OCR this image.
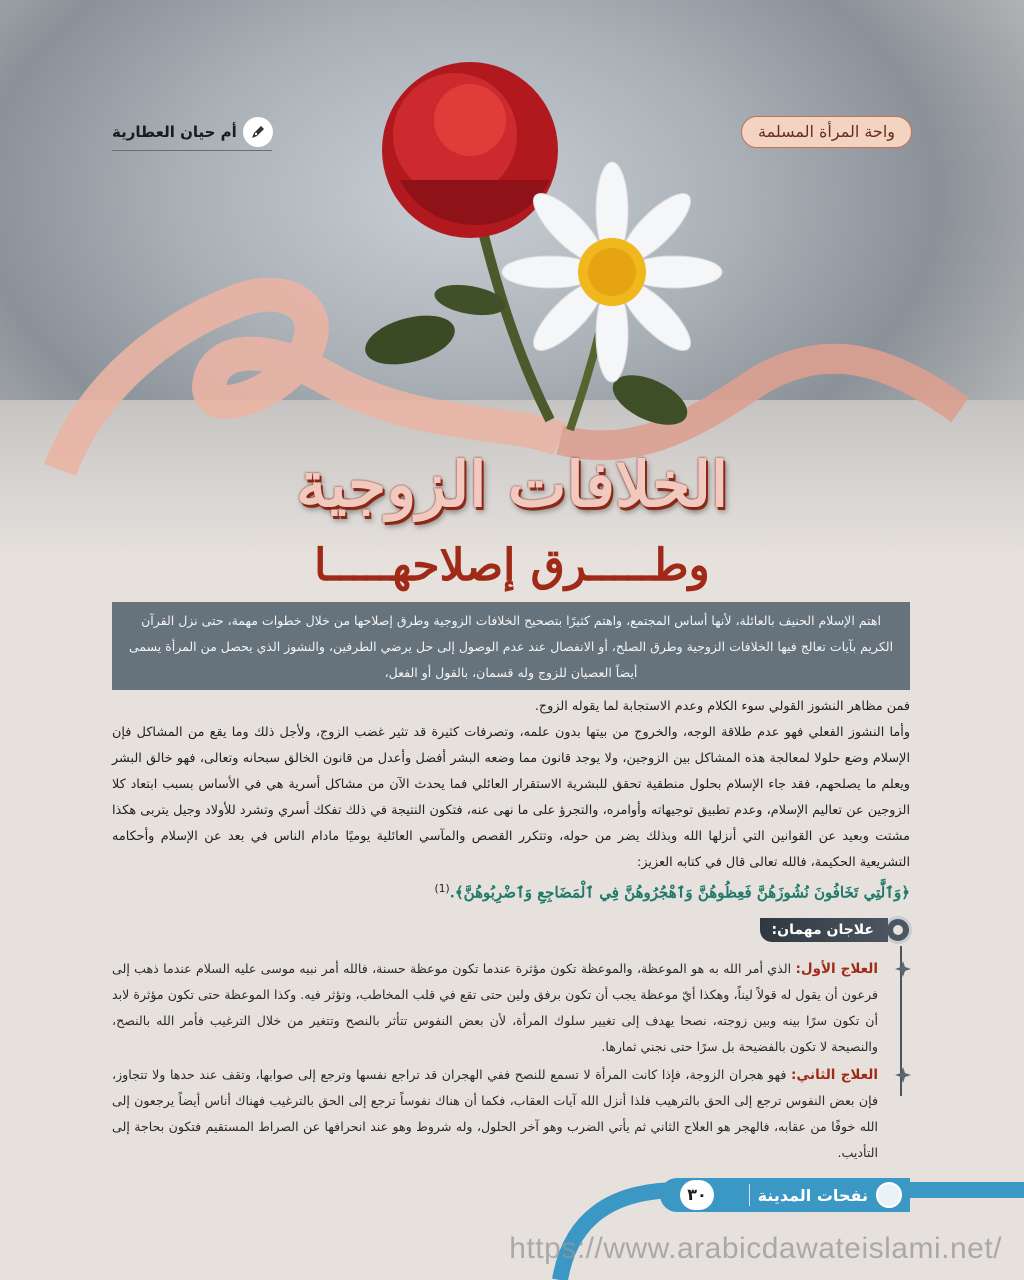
واحة المرأة المسلمة
أم حيان العطارية
الخلافات الزوجية
وطـــــرق إصلاحهـــــا
اهتم الإسلام الحنيف بالعائلة، لأنها أساس المجتمع، واهتم كثيرًا بتصحيح الخلافات الزوجية وطرق إصلاحها من خلال خطوات مهمة، حتى نزل القرآن الكريم بآيات تعالج فيها الخلافات الزوجية وطرق الصلح، أو الانفصال عند عدم الوصول إلى حل يرضي الطرفين، والنشوز الذي يحصل من المرأة يسمى أيضاً العصيان للزوج وله قسمان، بالقول أو الفعل،

فمن مظاهر النشوز القولي سوء الكلام وعدم الاستجابة لما يقوله الزوج.

وأما النشوز الفعلي فهو عدم طلاقة الوجه، والخروج من بيتها بدون علمه، وتصرفات كثيرة قد تثير غضب الزوج، ولأجل ذلك وما يقع من المشاكل فإن الإسلام وضع حلولا لمعالجة هذه المشاكل بين الزوجين، ولا يوجد قانون مما وضعه البشر أفضل وأعدل من قانون الخالق سبحانه وتعالى، فهو خالق البشر ويعلم ما يصلحهم، فقد جاء الإسلام بحلول منطقية تحقق للبشرية الاستقرار العائلي فما يحدث الآن من مشاكل أسرية هي في الأساس بسبب ابتعاد كلا الزوجين عن تعاليم الإسلام، وعدم تطبيق توجيهاته وأوامره، والتجرؤ على ما نهى عنه، فتكون النتيجة في ذلك تفكك أسري وتشرد للأولاد وجيل يتربى هكذا مشتت وبعيد عن القوانين التي أنزلها الله وبذلك يضر من حوله، وتتكرر القصص والمآسي العائلية يوميًا مادام الناس في بعد عن الإسلام وأحكامه التشريعية الحكيمة، فالله تعالى قال في كتابه العزيز:

﴿وَٱلَّٰتِي تَخَافُونَ نُشُوزَهُنَّ فَعِظُوهُنَّ وَٱهْجُرُوهُنَّ فِي ٱلْمَضَاجِعِ وَٱضْرِبُوهُنَّ﴾.$^{(1)}$

علاجان مهمان:

العلاج الأول: الذي أمر الله به هو الموعظة، والموعظة تكون مؤثرة عندما تكون موعظة حسنة، فالله أمر نبيه موسى عليه السلام عندما ذهب إلى فرعون أن يقول له قولاً ليناً، وهكذا أيّ موعظة يجب أن تكون برفق ولين حتى تقع في قلب المخاطب، وتؤثر فيه. وكذا الموعظة حتى تكون مؤثرة لابد أن تكون سرًا بينه وبين زوجته، نصحا يهدف إلى تغيير سلوك المرأة، لأن بعض النفوس تتأثر بالنصح وتتغير من خلال الترغيب فأمر الله بالنصح، والنصيحة لا تكون بالفضيحة بل سرًا حتى نجني ثمارها.

العلاج الثاني: فهو هجران الزوجة، فإذا كانت المرأة لا تسمع للنصح ففي الهجران قد تراجع نفسها وترجع إلى صوابها، وتقف عند حدها ولا تتجاوز، فإن بعض النفوس ترجع إلى الحق بالترهيب فلذا أنزل الله آيات العقاب، فكما أن هناك نفوساً ترجع إلى الحق بالترغيب فهناك أناس أيضاً يرجعون إلى الله خوفًا من عقابه، فالهجر هو العلاج الثاني ثم يأتي الضرب وهو آخر الحلول، وله شروط وهو عند انحرافها عن الصراط المستقيم فتكون بحاجة إلى التأديب.

نفحات المدينة
٣٠
https://www.arabicdawateislami.net/
